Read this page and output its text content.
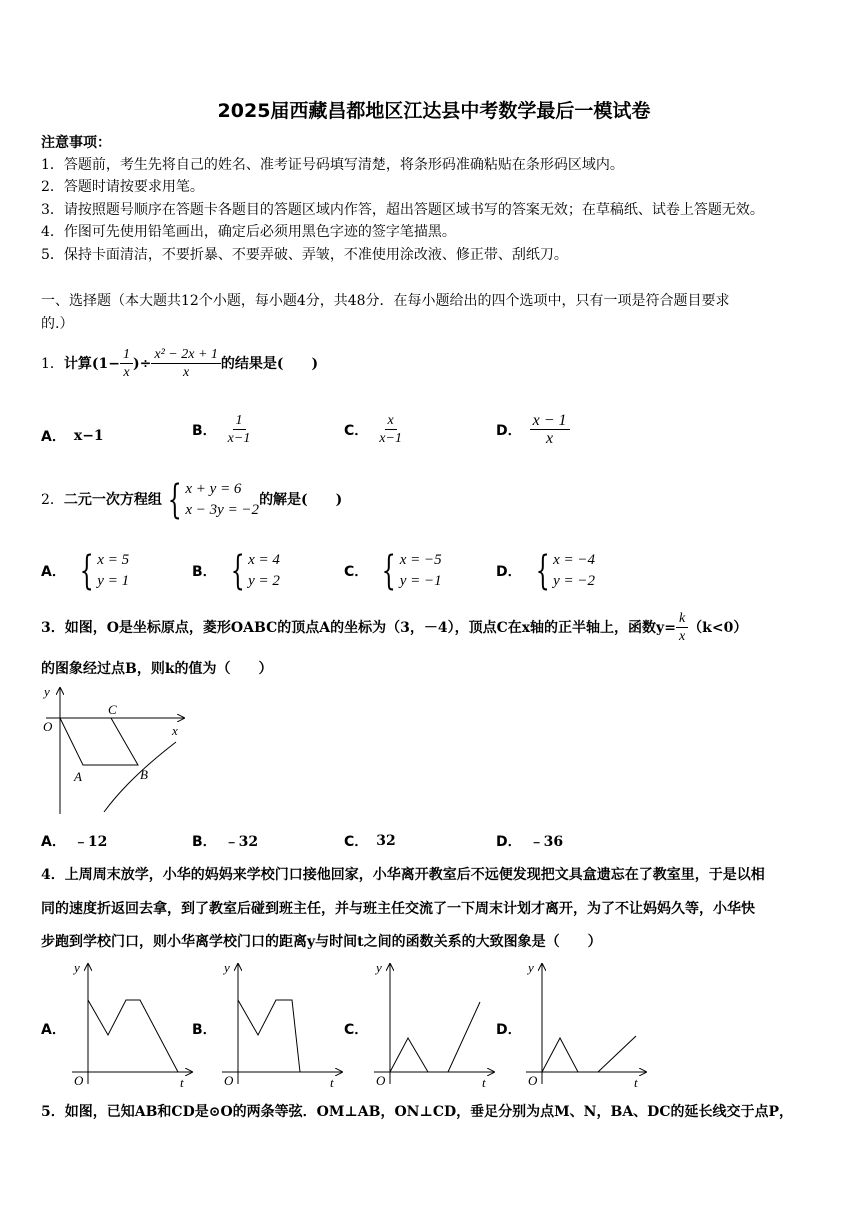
2025届西藏昌都地区江达县中考数学最后一模试卷
注意事项：
1．答题前，考生先将自己的姓名、准考证号码填写清楚，将条形码准确粘贴在条形码区域内。
2．答题时请按要求用笔。
3．请按照题号顺序在答题卡各题目的答题区域内作答，超出答题区域书写的答案无效；在草稿纸、试卷上答题无效。
4．作图可先使用铅笔画出，确定后必须用黑色字迹的签字笔描黑。
5．保持卡面清洁，不要折暴、不要弄破、弄皱，不准使用涂改液、修正带、刮纸刀。
一、选择题（本大题共12个小题，每小题4分，共48分．在每小题给出的四个选项中，只有一项是符合题目要求
的.）
1． 计算($1- \frac{1}{x}$ )÷ $\frac{\text{x² − 2x + 1}}{x}$ 的结果是(　　)
A． x−1	B． $\frac{1}{x-1}$	C． $\frac{x}{x-1}$	D． $\frac{x - 1}{x}$
2． 二元一次方程组 { x + y = 6
x − 3y = −2
的解是(　　)
A． { x = 5
y = 1
B． { x = 4
y = 2
C． { x = −5
y = −1
D． { x = −4
y = −2
3．如图，O是坐标原点，菱形OABC的顶点A的坐标为（3，－4），顶点C在x轴的正半轴上，函数$y= \frac{k}{x} (k<0)$
的图象经过点B，则k的值为（　　）
y
O
C
x
A	B
A． ﹣12	B． ﹣32	C． 32	D． ﹣36
4．上周周末放学，小华的妈妈来学校门口接他回家，小华离开教室后不远便发现把文具盒遗忘在了教室里，于是以相
同的速度折返回去拿，到了教室后碰到班主任，并与班主任交流了一下周末计划才离开，为了不让妈妈久等，小华快
步跑到学校门口，则小华离学校门口的距离y与时间t之间的函数关系的大致图象是（　　）
A．
y
O	t
B．
y
O	t
C．
y
O	t
D．
y
O	t
5．如图，已知AB和CD是⊙O的两条等弦．OM⊥AB，ON⊥CD，垂足分别为点M、N，BA、DC的延长线交于点P，
